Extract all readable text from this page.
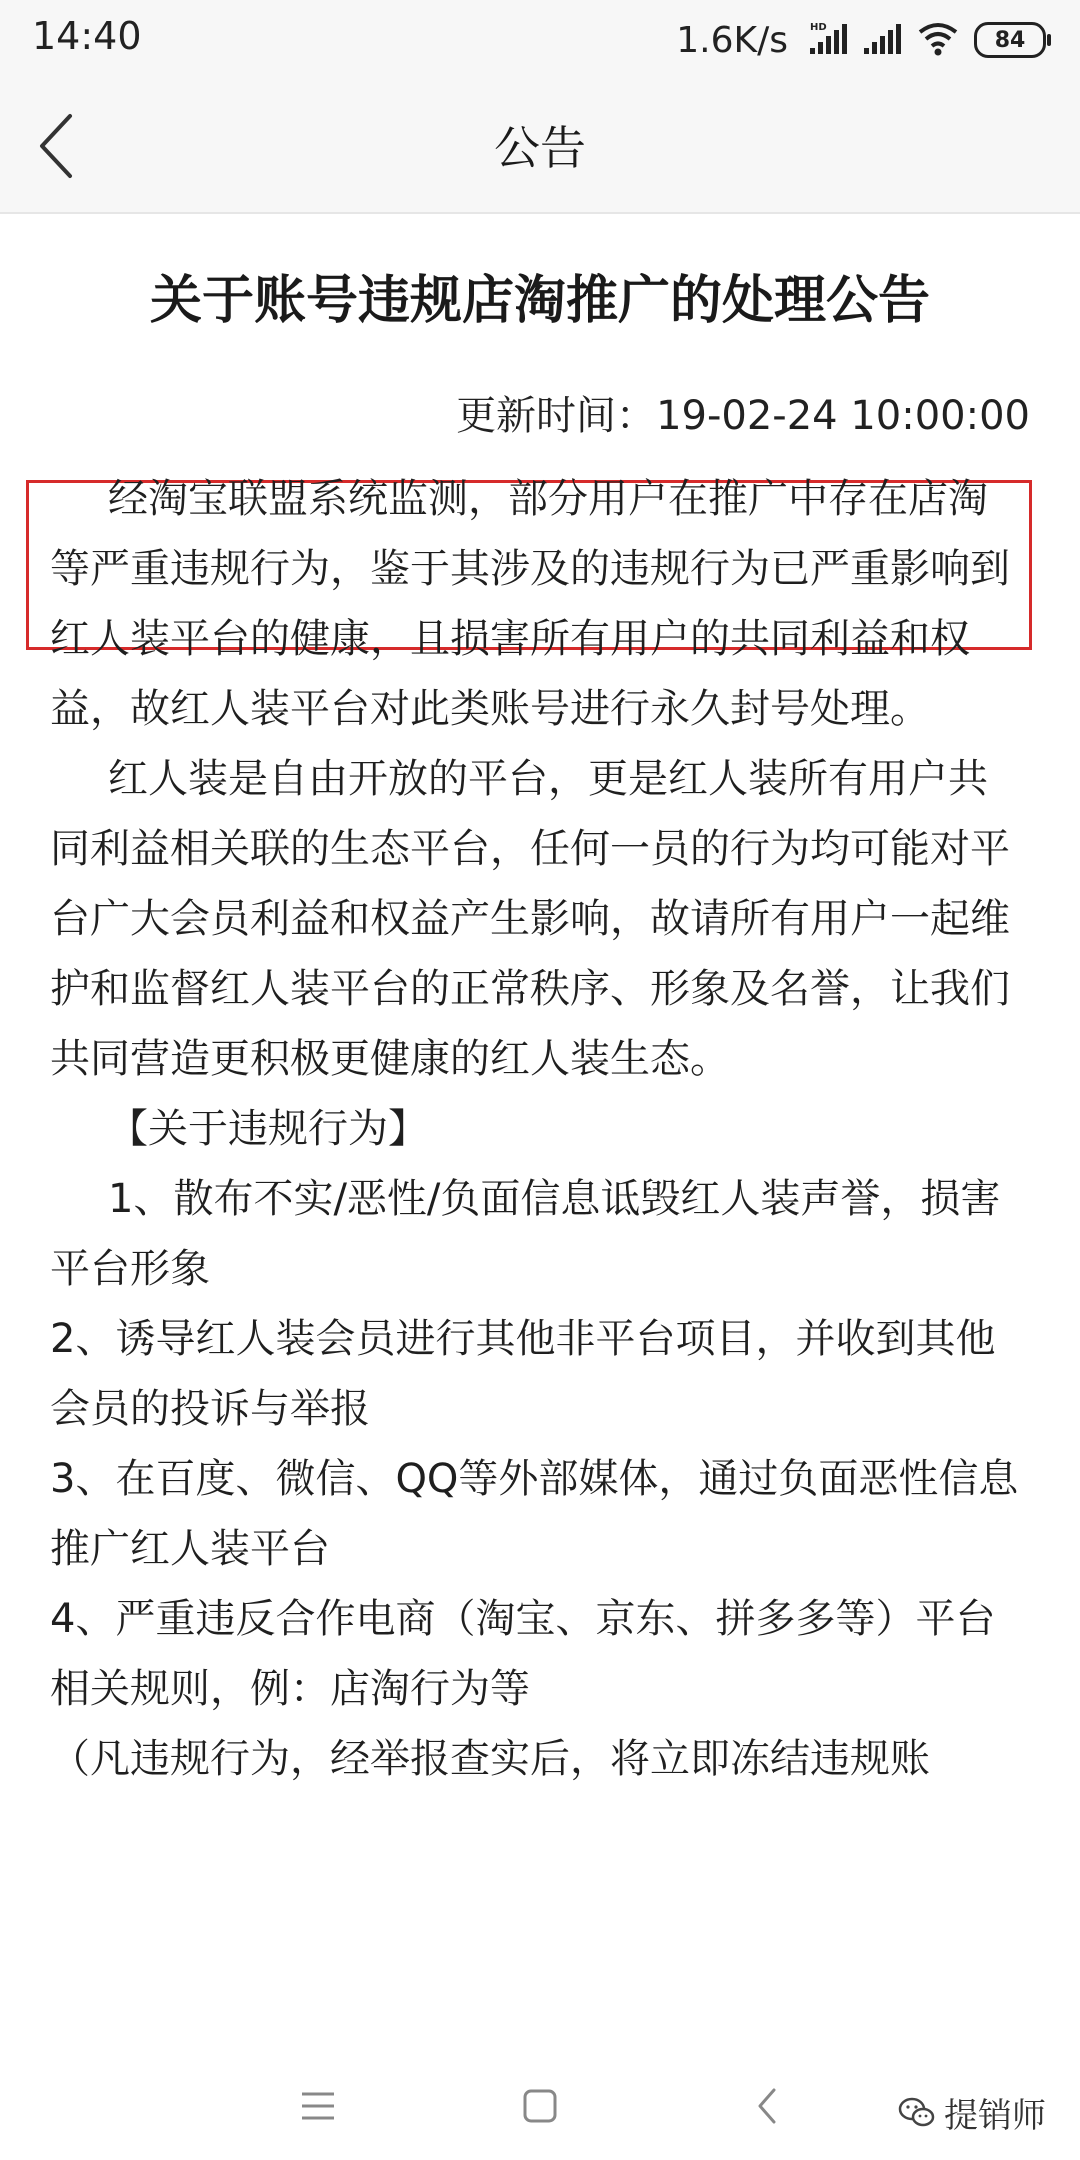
14:40	1.6K/s HD	84
公告
关于账号违规店淘推广的处理公告
更新时间：19-02-24 10:00:00

经淘宝联盟系统监测，部分用户在推广中存在店淘等严重违规行为，鉴于其涉及的违规行为已严重影响到红人装平台的健康，且损害所有用户的共同利益和权益，故红人装平台对此类账号进行永久封号处理。

红人装是自由开放的平台，更是红人装所有用户共同利益相关联的生态平台，任何一员的行为均可能对平台广大会员利益和权益产生影响，故请所有用户一起维护和监督红人装平台的正常秩序、形象及名誉，让我们共同营造更积极更健康的红人装生态。

【关于违规行为】

1、散布不实/恶性/负面信息诋毁红人装声誉，损害平台形象

2、诱导红人装会员进行其他非平台项目，并收到其他会员的投诉与举报

3、在百度、微信、QQ等外部媒体，通过负面恶性信息推广红人装平台

4、严重违反合作电商（淘宝、京东、拼多多等）平台相关规则，例：店淘行为等

（凡违规行为，经举报查实后，将立即冻结违规账

提销师
